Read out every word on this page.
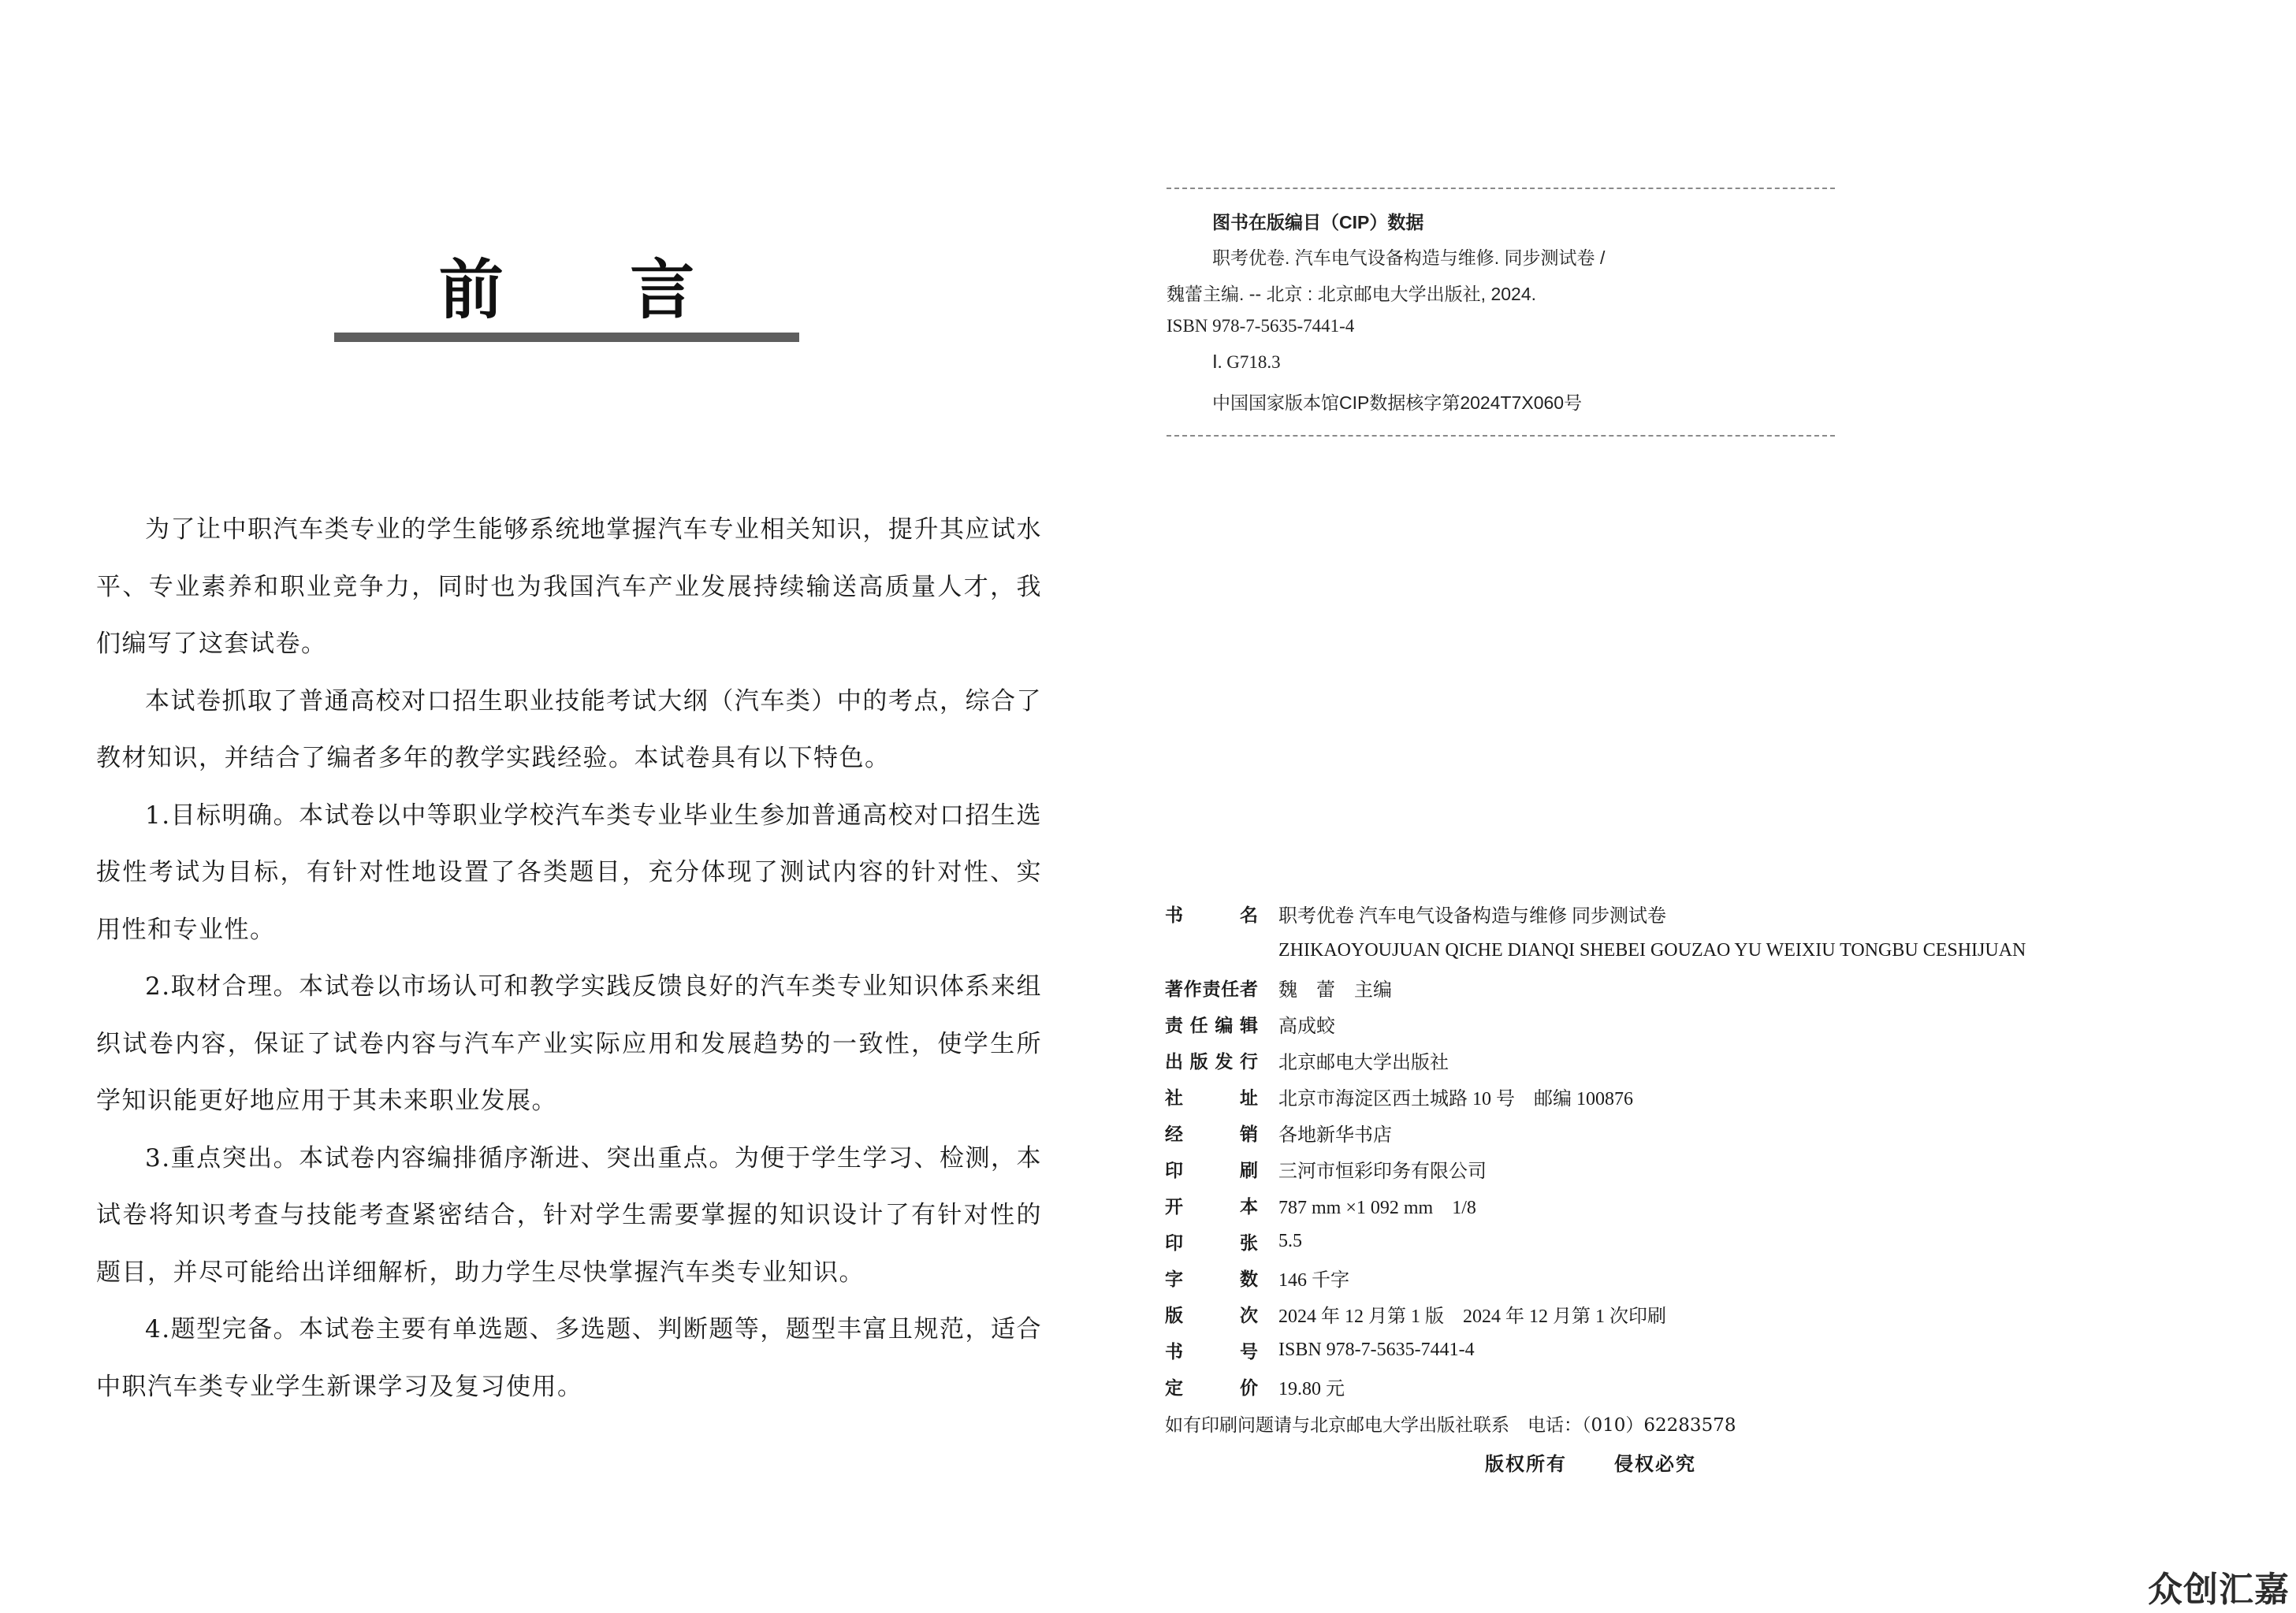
前 言

为了让中职汽车类专业的学生能够系统地掌握汽车专业相关知识，提升其应试水平、专业素养和职业竞争力，同时也为我国汽车产业发展持续输送高质量人才，我们编写了这套试卷。

本试卷抓取了普通高校对口招生职业技能考试大纲（汽车类）中的考点，综合了教材知识，并结合了编者多年的教学实践经验。本试卷具有以下特色。

1.目标明确。本试卷以中等职业学校汽车类专业毕业生参加普通高校对口招生选拔性考试为目标，有针对性地设置了各类题目，充分体现了测试内容的针对性、实用性和专业性。

2.取材合理。本试卷以市场认可和教学实践反馈良好的汽车类专业知识体系来组织试卷内容，保证了试卷内容与汽车产业实际应用和发展趋势的一致性，使学生所学知识能更好地应用于其未来职业发展。

3.重点突出。本试卷内容编排循序渐进、突出重点。为便于学生学习、检测，本试卷将知识考查与技能考查紧密结合，针对学生需要掌握的知识设计了有针对性的题目，并尽可能给出详细解析，助力学生尽快掌握汽车类专业知识。

4.题型完备。本试卷主要有单选题、多选题、判断题等，题型丰富且规范，适合中职汽车类专业学生新课学习及复习使用。

图书在版编目（CIP）数据
职考优卷. 汽车电气设备构造与维修. 同步测试卷 /
魏蕾主编. -- 北京 : 北京邮电大学出版社, 2024.
ISBN 978-7-5635-7441-4
Ⅰ. G718.3
中国国家版本馆CIP数据核字第2024T7X060号
书	名 职考优卷 汽车电气设备构造与维修 同步测试卷
ZHIKAOYOUJUAN QICHE DIANQI SHEBEI GOUZAO YU WEIXIU TONGBU CESHIJUAN
著 作 责 任 者 魏　蕾　主编
责 任 编 辑 高成蛟
出 版 发 行 北京邮电大学出版社
社	址 北京市海淀区西土城路 10 号　邮编 100876
经	销 各地新华书店
印	刷 三河市恒彩印务有限公司
开	本 787 mm ×1 092 mm　1/8
印	张 5.5
字	数 146 千字
版	次 2024 年 12 月第 1 版　2024 年 12 月第 1 次印刷
书	号 ISBN 978-7-5635-7441-4
定	价 19.80 元
如有印刷问题请与北京邮电大学出版社联系　电话：（010）62283578
版权所有	侵权必究
众创汇嘉
